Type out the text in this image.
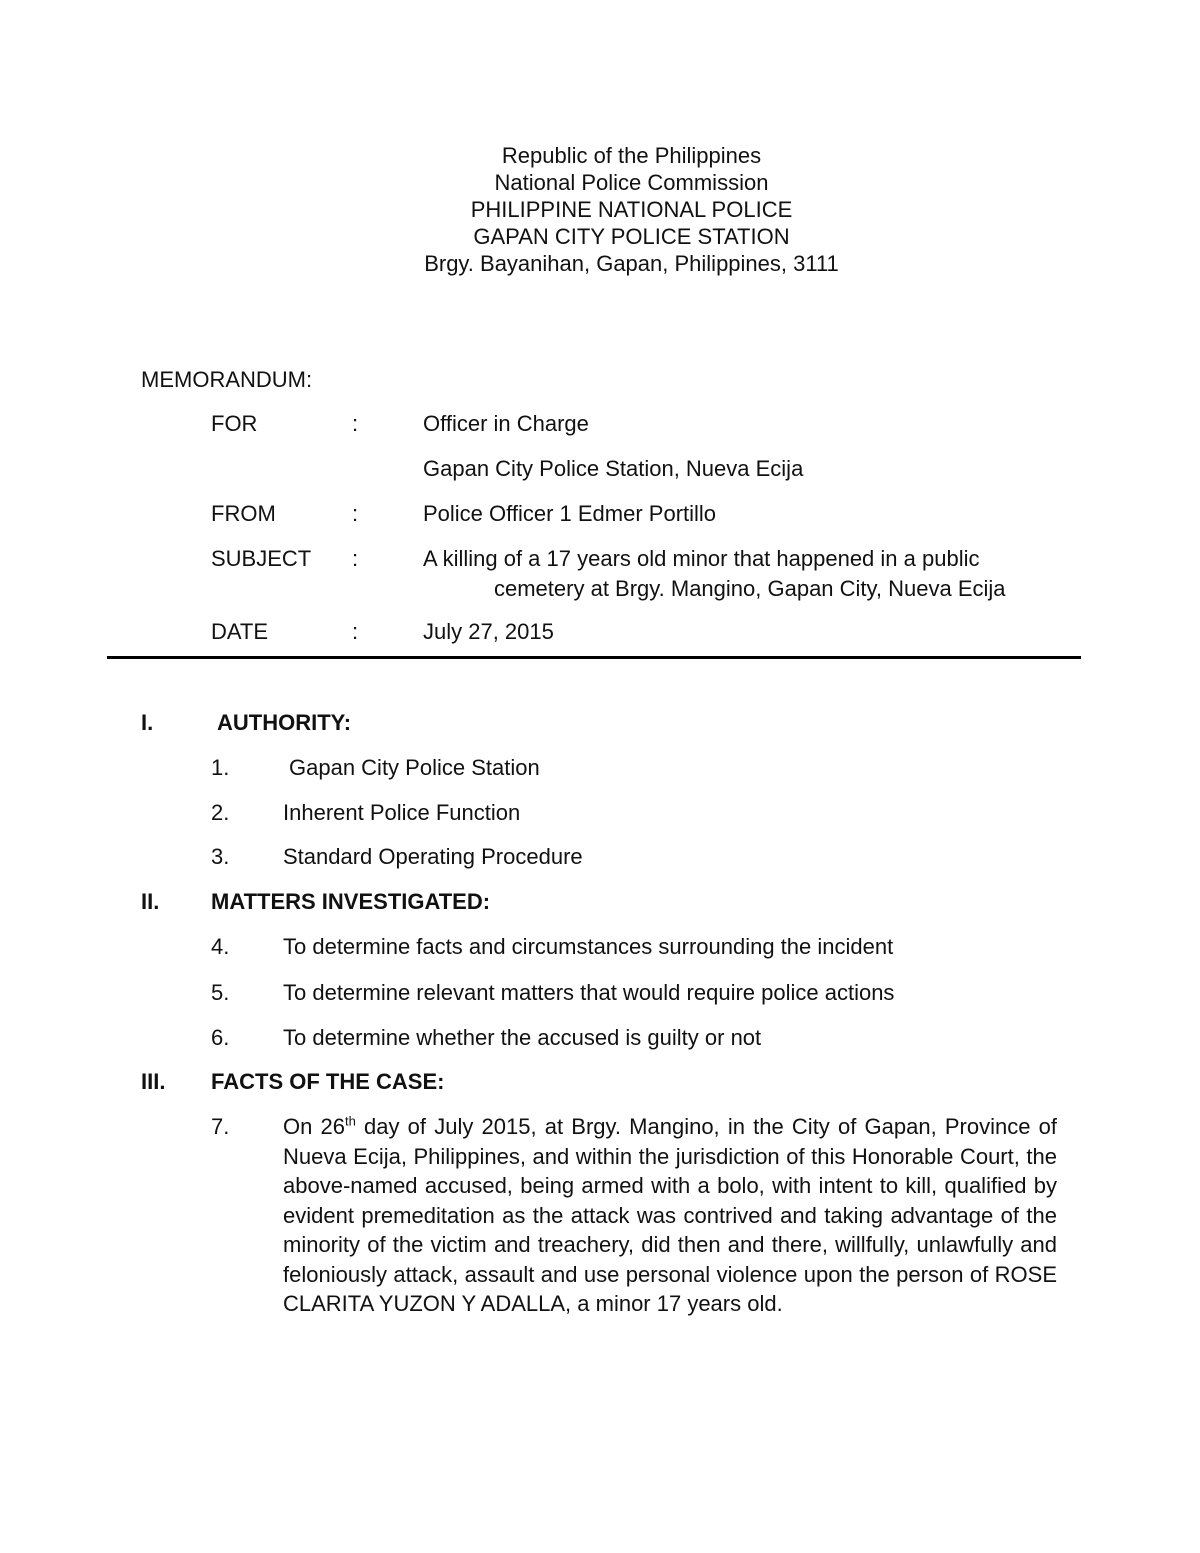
Republic of the Philippines
National Police Commission
PHILIPPINE NATIONAL POLICE
GAPAN CITY POLICE STATION
Brgy. Bayanihan, Gapan, Philippines, 3111
MEMORANDUM:
FOR	:	Officer in Charge
Gapan City Police Station, Nueva Ecija
FROM	:	Police Officer 1 Edmer Portillo
SUBJECT :	A killing of a 17 years old minor that happened in a public
cemetery at Brgy. Mangino, Gapan City, Nueva Ecija
DATE	:	July 27, 2015
I.	AUTHORITY:
1.	Gapan City Police Station
2. Inherent Police Function
3. Standard Operating Procedure
II. MATTERS INVESTIGATED:
4. To determine facts and circumstances surrounding the incident
5. To determine relevant matters that would require police actions
6. To determine whether the accused is guilty or not
III. FACTS OF THE CASE:
7. On 26th day of July 2015, at Brgy. Mangino, in the City of Gapan, Province of Nueva Ecija, Philippines, and within the jurisdiction of this Honorable Court, the above-named accused, being armed with a bolo, with intent to kill, qualified by evident premeditation as the attack was contrived and taking advantage of the minority of the victim and treachery, did then and there, willfully, unlawfully and feloniously attack, assault and use personal violence upon the person of ROSE CLARITA YUZON Y ADALLA, a minor 17 years old.
